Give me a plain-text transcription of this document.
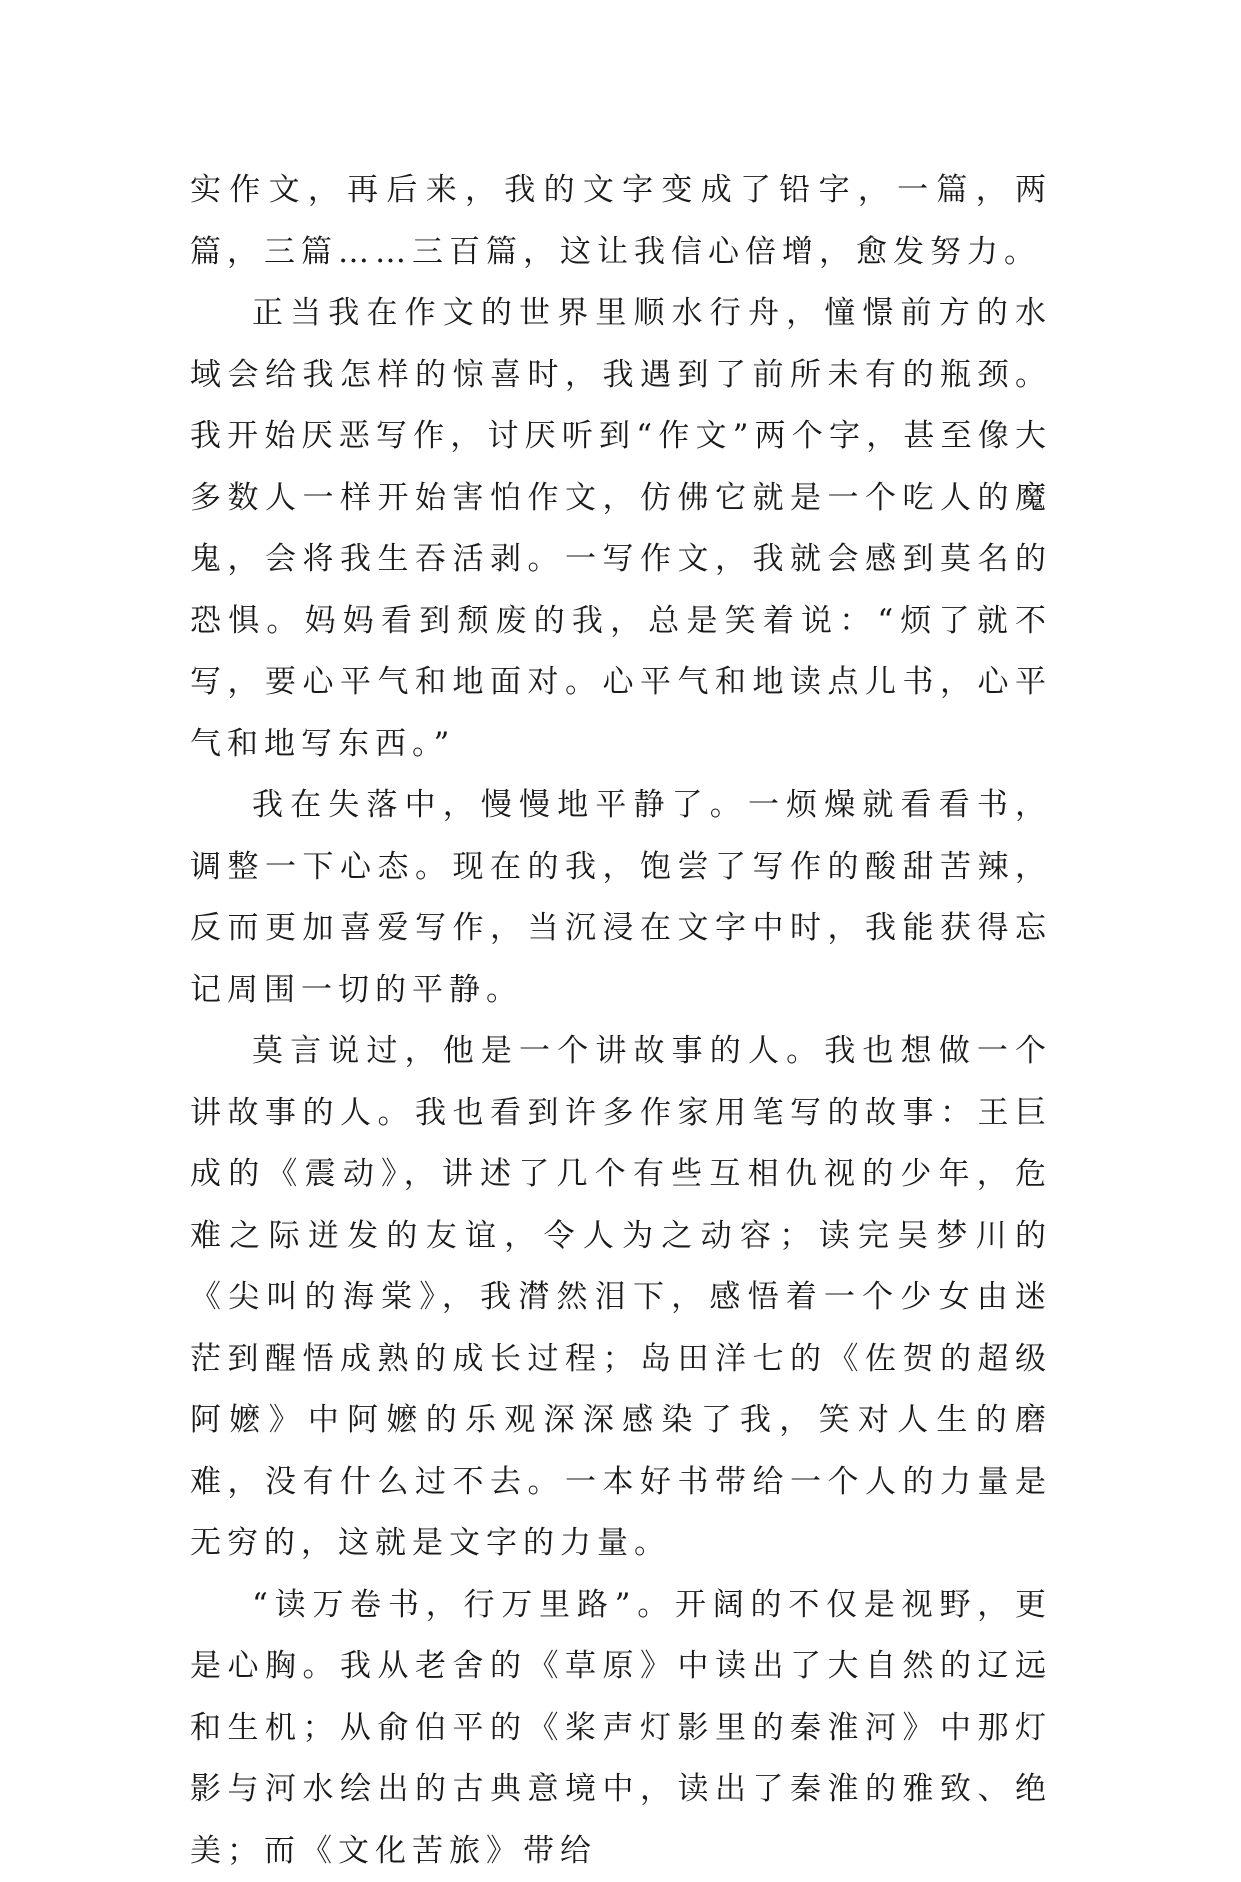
实作文，再后来，我的文字变成了铅字，一篇，两篇，三篇……三百篇，这让我信心倍增，愈发努力。

正当我在作文的世界里顺水行舟，憧憬前方的水域会给我怎样的惊喜时，我遇到了前所未有的瓶颈。我开始厌恶写作，讨厌听到“作文”两个字，甚至像大多数人一样开始害怕作文，仿佛它就是一个吃人的魔鬼，会将我生吞活剥。一写作文，我就会感到莫名的恐惧。妈妈看到颓废的我，总是笑着说：“烦了就不写，要心平气和地面对。心平气和地读点儿书，心平气和地写东西。”

我在失落中，慢慢地平静了。一烦燥就看看书，调整一下心态。现在的我，饱尝了写作的酸甜苦辣，反而更加喜爱写作，当沉浸在文字中时，我能获得忘记周围一切的平静。

莫言说过，他是一个讲故事的人。我也想做一个讲故事的人。我也看到许多作家用笔写的故事：王巨成的《震动》，讲述了几个有些互相仇视的少年，危难之际迸发的友谊，令人为之动容；读完吴梦川的《尖叫的海棠》，我潸然泪下，感悟着一个少女由迷茫到醒悟成熟的成长过程；岛田洋七的《佐贺的超级阿嬷》中阿嬷的乐观深深感染了我，笑对人生的磨难，没有什么过不去。一本好书带给一个人的力量是无穷的，这就是文字的力量。

“读万卷书，行万里路”。开阔的不仅是视野，更是心胸。我从老舍的《草原》中读出了大自然的辽远和生机；从俞伯平的《桨声灯影里的秦淮河》中那灯影与河水绘出的古典意境中，读出了秦淮的雅致、绝美；而《文化苦旅》带给
